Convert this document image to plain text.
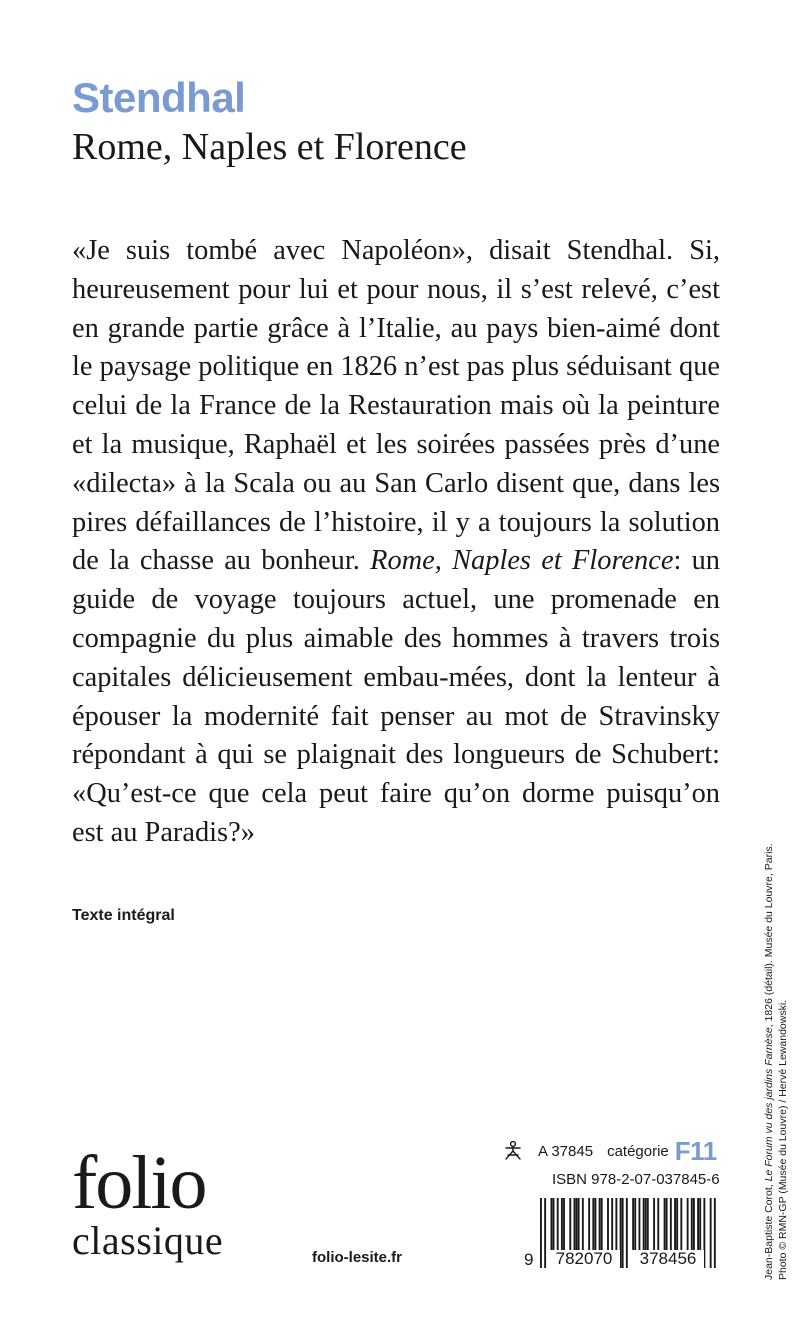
Stendhal
Rome, Naples et Florence

«Je suis tombé avec Napoléon», disait Stendhal. Si, heureusement pour lui et pour nous, il s’est relevé, c’est en grande partie grâce à l’Italie, au pays bien-aimé dont le paysage politique en 1826 n’est pas plus séduisant que celui de la France de la Restauration mais où la peinture et la musique, Raphaël et les soirées passées près d’une «dilecta» à la Scala ou au San Carlo disent que, dans les pires défaillances de l’histoire, il y a toujours la solution de la chasse au bonheur. Rome, Naples et Florence: un guide de voyage toujours actuel, une promenade en compagnie du plus aimable des hommes à travers trois capitales délicieusement embau-mées, dont la lenteur à épouser la modernité fait penser au mot de Stravinsky répondant à qui se plaignait des longueurs de Schubert: «Qu’est-ce que cela peut faire qu’on dorme puisqu’on est au Paradis?»

Texte intégral
folio
classique	folio-lesite.fr
A 37845 catégorie F11
ISBN 978-2-07-037845-6
9 782070 378456	Jean-Baptiste Corot, Le Forum vu des jardins Farnèse, 1826 (détail). Musée du Louvre, Paris.
Photo © RMN-GP (Musée du Louvre) / Hervé Lewandowski.
